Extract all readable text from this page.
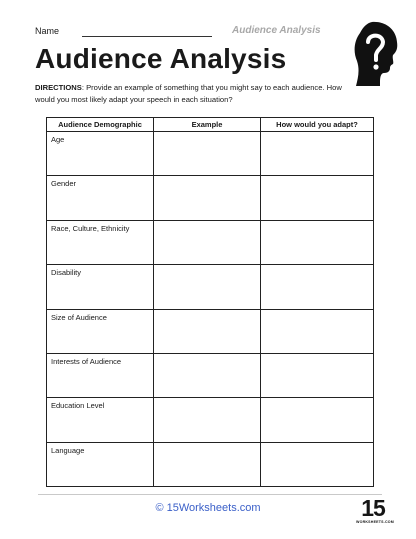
Name	Audience Analysis
Audience Analysis
DIRECTIONS: Provide an example of something that you might say to each audience. How would you most likely adapt your speech in each situation?
Audience Demographic	Example	How would you adapt?
Age		
Gender		
Race, Culture, Ethnicity		
Disability		
Size of Audience		
Interests of Audience		
Education Level		
Language		
© 15Worksheets.com	15
WORKSHEETS.COM
